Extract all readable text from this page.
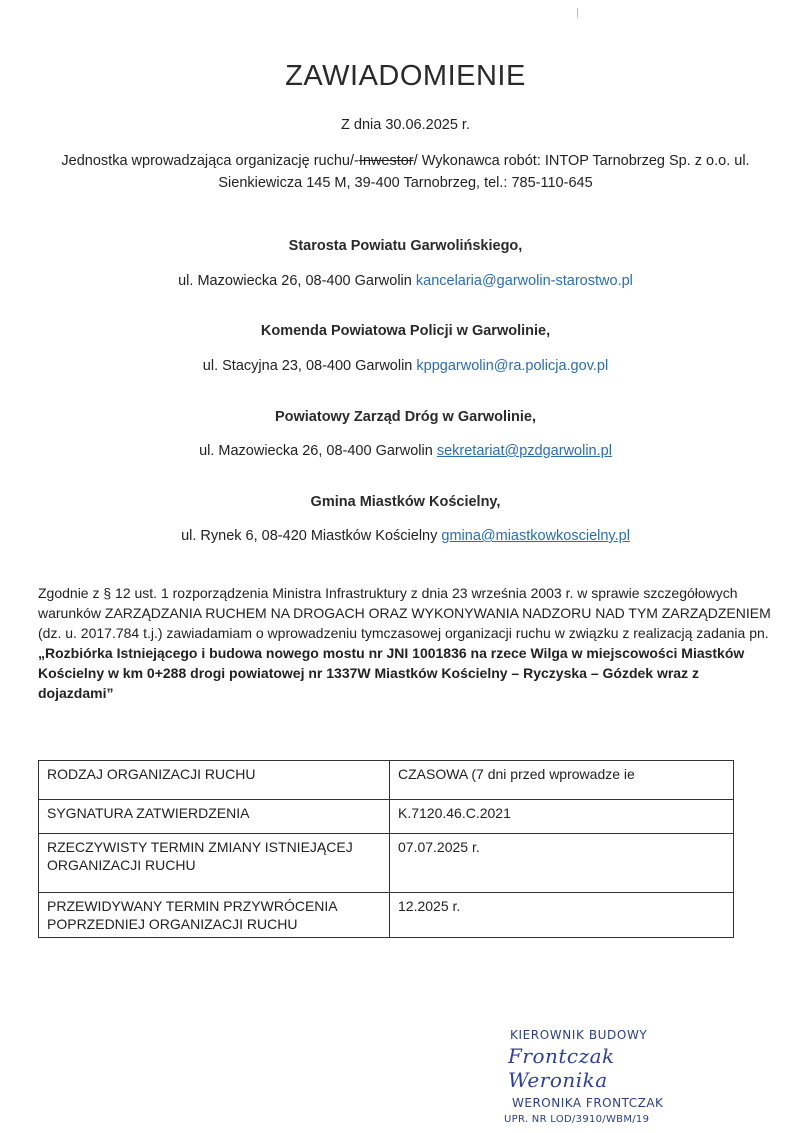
ZAWIADOMIENIE
Z dnia 30.06.2025 r.
Jednostka wprowadzająca organizację ruchu/-Inwestor/ Wykonawca robót: INTOP Tarnobrzeg Sp. z o.o. ul. Sienkiewicza 145 M, 39-400 Tarnobrzeg, tel.: 785-110-645
Starosta Powiatu Garwolińskiego,
ul. Mazowiecka 26, 08-400 Garwolin kancelaria@garwolin-starostwo.pl
Komenda Powiatowa Policji w Garwolinie,
ul. Stacyjna 23, 08-400 Garwolin kppgarwolin@ra.policja.gov.pl
Powiatowy Zarząd Dróg w Garwolinie,
ul. Mazowiecka 26, 08-400 Garwolin sekretariat@pzdgarwolin.pl
Gmina Miastków Kościelny,
ul. Rynek 6, 08-420 Miastków Kościelny gmina@miastkowkoscielny.pl
Zgodnie z § 12 ust. 1 rozporządzenia Ministra Infrastruktury z dnia 23 września 2003 r. w sprawie szczegółowych warunków ZARZĄDZANIA RUCHEM NA DROGACH ORAZ WYKONYWANIA NADZORU NAD TYM ZARZĄDZENIEM (dz. u. 2017.784 t.j.) zawiadamiam o wprowadzeniu tymczasowej organizacji ruchu w związku z realizacją zadania pn.
„Rozbiórka Istniejącego i budowa nowego mostu nr JNI 1001836 na rzece Wilga w miejscowości Miastków Kościelny w km 0+288 drogi powiatowej nr 1337W Miastków Kościelny – Ryczyska – Gózdek wraz z dojazdami”
RODZAJ ORGANIZACJI RUCHU	CZASOWA (7 dni przed wprowadze ie
SYGNATURA ZATWIERDZENIA	K.7120.46.C.2021
RZECZYWISTY TERMIN ZMIANY ISTNIEJĄCEJ ORGANIZACJI RUCHU	07.07.2025 r.
PRZEWIDYWANY TERMIN PRZYWRÓCENIA POPRZEDNIEJ ORGANIZACJI RUCHU	12.2025 r.
KIEROWNIK BUDOWY
Frontczak Weronika
WERONIKA FRONTCZAK
UPR. NR LOD/3910/WBM/19
